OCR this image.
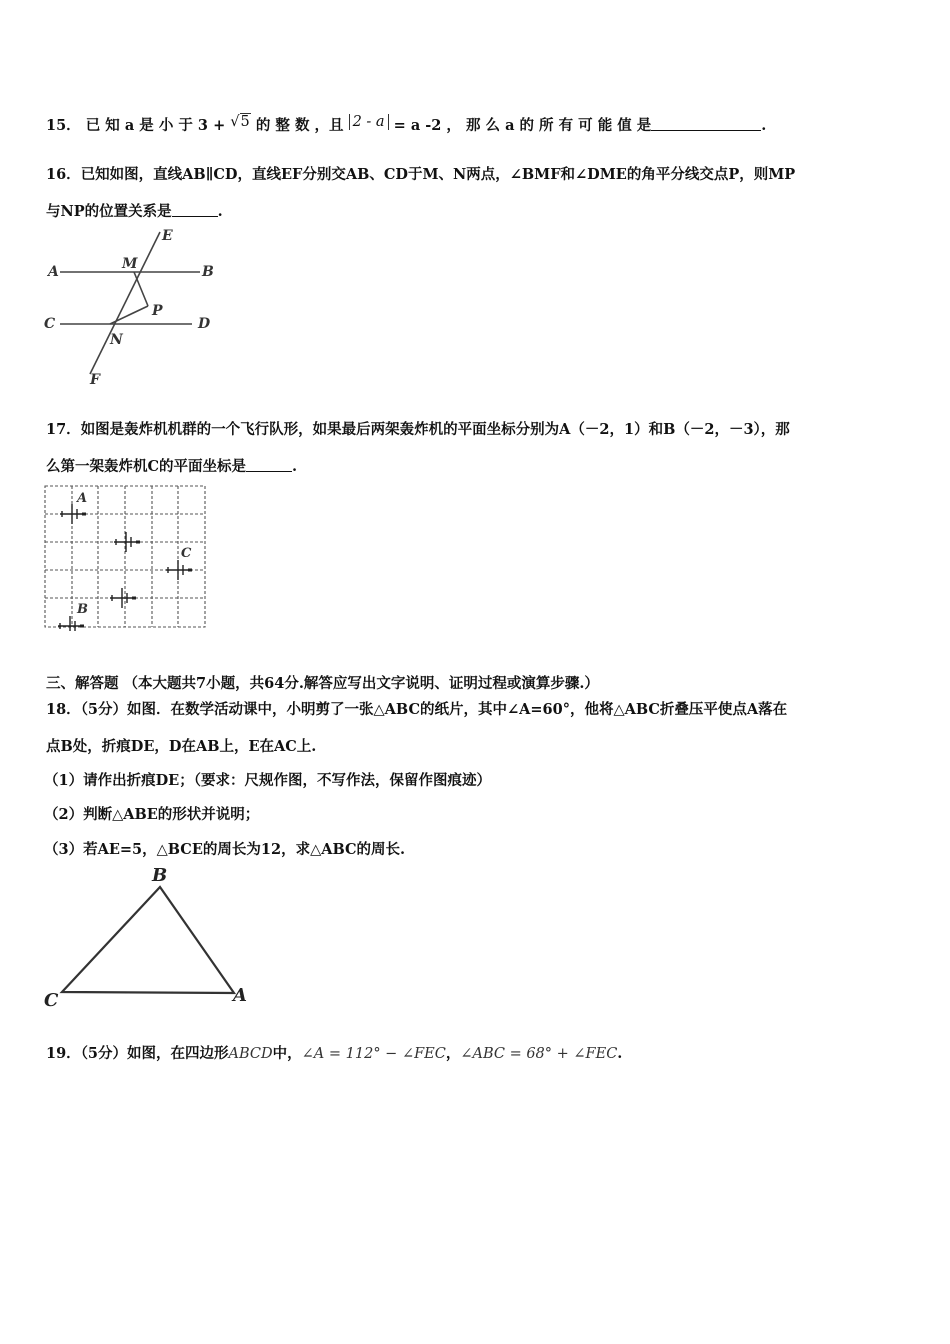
15． 已 知 a 是 小 于 3 + √5 的 整 数 ，且 2 - a = a -2 ， 那 么 a 的 所 有 可 能 值 是	.
16．已知如图，直线AB∥CD，直线EF分别交AB、CD于M、N两点，∠BMF和∠DME的角平分线交点P，则MP
与NP的位置关系是	.
E
A	M	B
P
C
N
D
F
17．如图是轰炸机机群的一个飞行队形，如果最后两架轰炸机的平面坐标分别为A（－2，1）和B（－2，－3），那
么第一架轰炸机C的平面坐标是	.
A
C
B
三、解答题 （本大题共7小题，共64分.解答应写出文字说明、证明过程或演算步骤.）
18．（5分）如图．在数学活动课中，小明剪了一张△ABC的纸片，其中∠A=60°，他将△ABC折叠压平使点A落在
点B处，折痕DE，D在AB上，E在AC上.
（1）请作出折痕DE；（要求：尺规作图，不写作法，保留作图痕迹）
（2）判断△ABE的形状并说明；
（3）若AE=5，△BCE的周长为12，求△ABC的周长.
B
C	A
19．（5分）如图，在四边形ABCD中，∠A = 112° − ∠FEC，∠ABC = 68° + ∠FEC.
